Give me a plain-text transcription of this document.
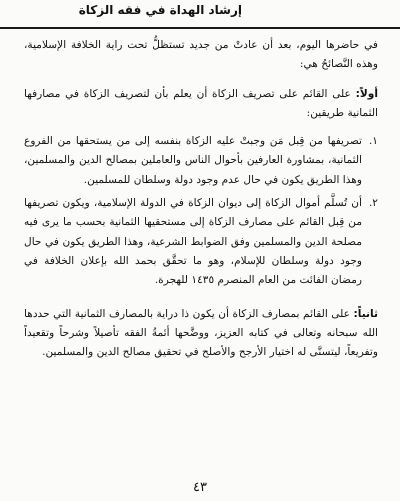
إرشاد الهداة في فقه الزكاة

في حاضرها اليوم، بعد أن عادتْ من جديد تستظلُّ تحت راية الخلافة الإسلامية، وهذه النَّصائحُ هي:

أولاً: على القائم على تصريف الزكاة أن يعلم بأن لتصريف الزكاة في مصارفها الثمانية طريقين:

١.
تصريفها من قِبل مَن وجبتْ عليه الزكاة بنفسه إلى من يستحقها من الفروع الثمانية، بمشاورة العارفين بأحوال الناس والعاملين بمصالح الدين والمسلمين، وهذا الطريق يكون في حال عدم وجود دولة وسلطان للمسلمين.
٢.
أن تُسلَّم أموال الزكاة إلى ديوان الزكاة في الدولة الإسلامية، ويكون تصريفها من قِبل القائم على مصارف الزكاة إلى مستحقيها الثمانية بحسب ما يرى فيه مصلحة الدين والمسلمين وفق الضوابط الشرعية، وهذا الطريق يكون في حال وجود دولة وسلطان للإسلام، وهو ما تحقَّق بحمد الله بإعلان الخلافة في رمضان الفائت من العام المنصرم ١٤٣٥ للهجرة.

ثانياً: على القائم بمصارف الزكاة أن يكون ذا دراية بالمصارف الثمانية التي حددها الله سبحانه وتعالى في كتابه العزيز، ووضَّحها أئمةُ الفقه تأصيلاً وشرحاً وتقعيداً وتفريعاً، ليتسنَّى له اختيار الأرجح والأصلح في تحقيق مصالح الدين والمسلمين.

٤٣
